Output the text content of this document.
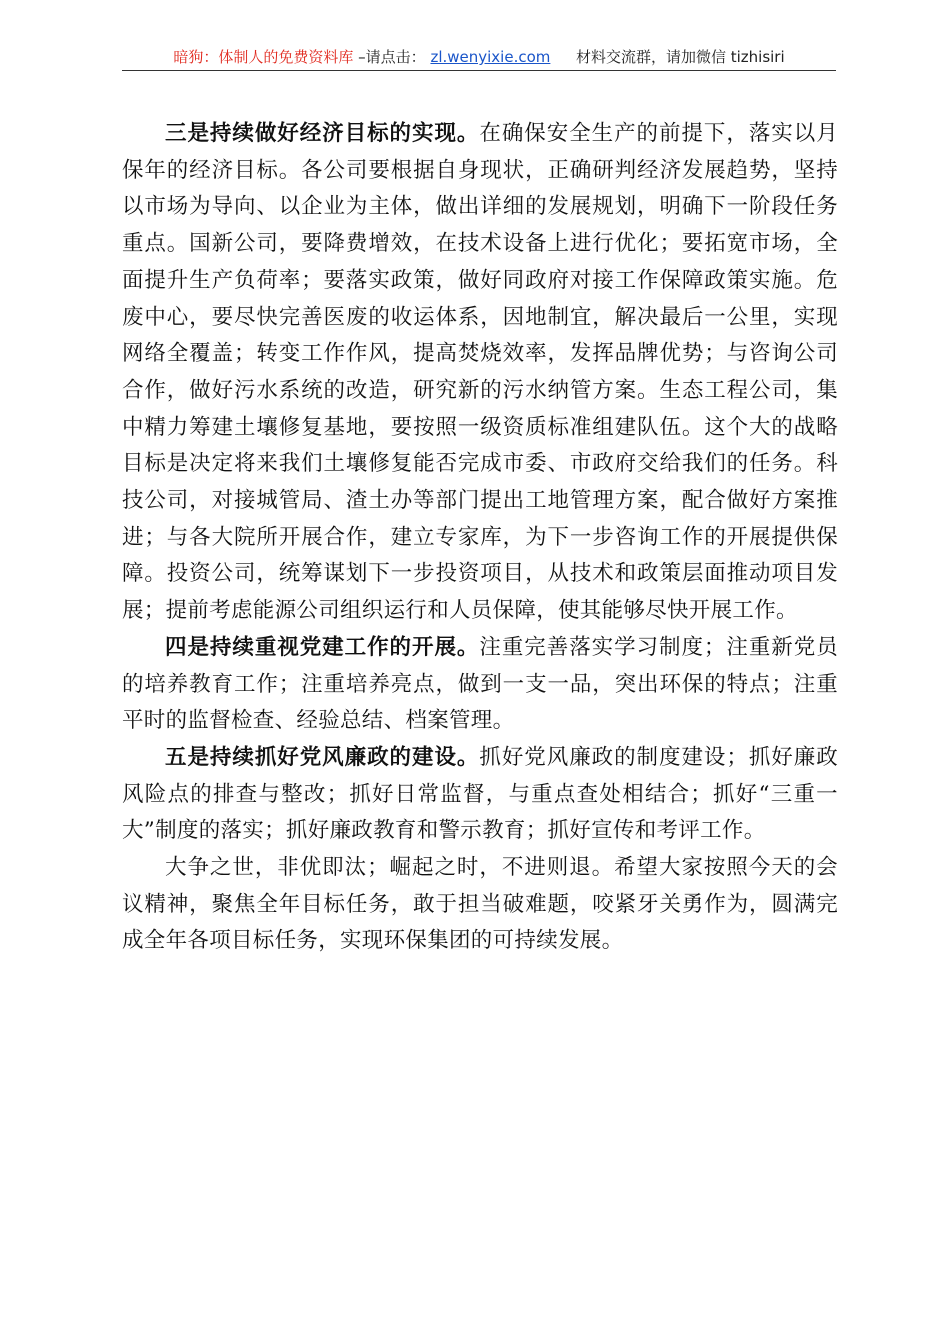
暗狗：体制人的免费资料库 –请点击： zl.wenyixie.com 材料交流群，请加微信 tizhisiri

三是持续做好经济目标的实现。在确保安全生产的前提下，落实以月保年的经济目标。各公司要根据自身现状，正确研判经济发展趋势，坚持以市场为导向、以企业为主体，做出详细的发展规划，明确下一阶段任务重点。国新公司，要降费增效，在技术设备上进行优化；要拓宽市场，全面提升生产负荷率；要落实政策，做好同政府对接工作保障政策实施。危废中心，要尽快完善医废的收运体系，因地制宜，解决最后一公里，实现网络全覆盖；转变工作作风，提高焚烧效率，发挥品牌优势；与咨询公司合作，做好污水系统的改造，研究新的污水纳管方案。生态工程公司，集中精力筹建土壤修复基地，要按照一级资质标准组建队伍。这个大的战略目标是决定将来我们土壤修复能否完成市委、市政府交给我们的任务。科技公司，对接城管局、渣土办等部门提出工地管理方案，配合做好方案推进；与各大院所开展合作，建立专家库，为下一步咨询工作的开展提供保障。投资公司，统筹谋划下一步投资项目，从技术和政策层面推动项目发展；提前考虑能源公司组织运行和人员保障，使其能够尽快开展工作。

四是持续重视党建工作的开展。注重完善落实学习制度；注重新党员的培养教育工作；注重培养亮点，做到一支一品，突出环保的特点；注重平时的监督检查、经验总结、档案管理。

五是持续抓好党风廉政的建设。抓好党风廉政的制度建设；抓好廉政风险点的排查与整改；抓好日常监督，与重点查处相结合；抓好“三重一大”制度的落实；抓好廉政教育和警示教育；抓好宣传和考评工作。

大争之世，非优即汰；崛起之时，不进则退。希望大家按照今天的会议精神，聚焦全年目标任务，敢于担当破难题，咬紧牙关勇作为，圆满完成全年各项目标任务，实现环保集团的可持续发展。
